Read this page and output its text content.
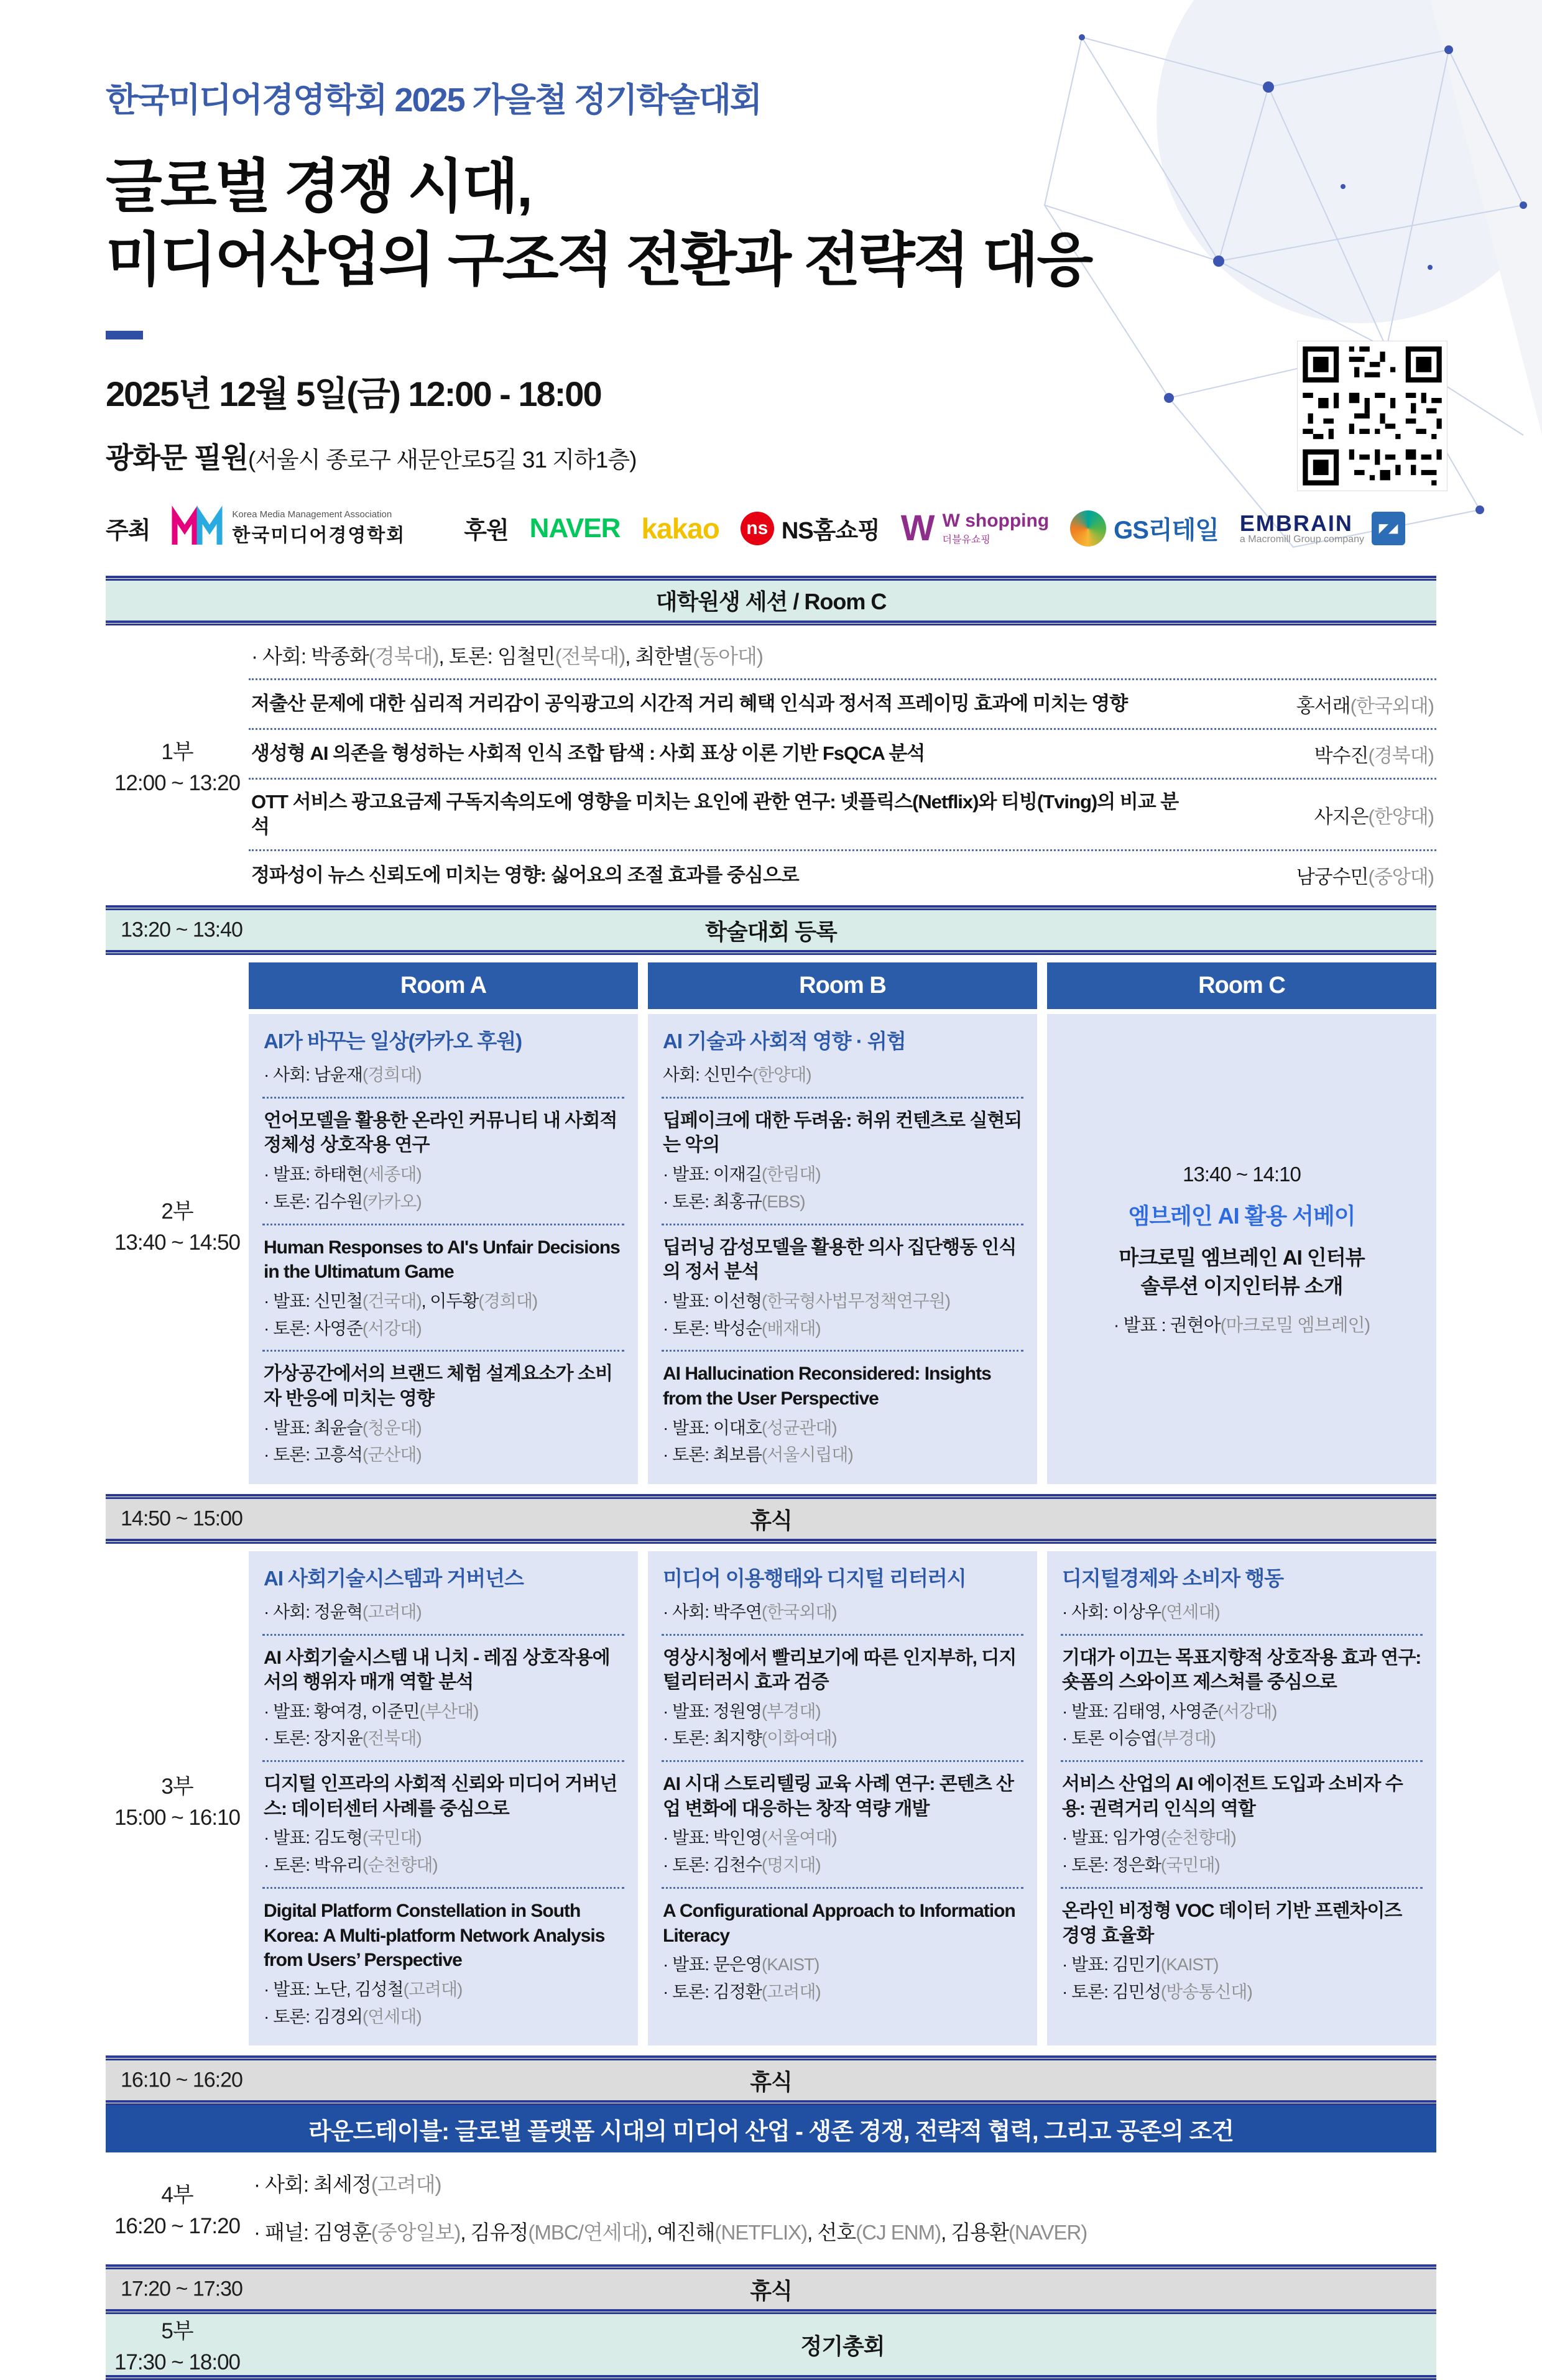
한국미디어경영학회 2025 가을철 정기학술대회
글로벌 경쟁 시대,
미디어산업의 구조적 전환과 전략적 대응
2025년 12월 5일(금) 12:00 - 18:00
광화문 필원(서울시 종로구 새문안로5길 31 지하1층)
주최
Korea Media Management Association
한국미디어경영학회 후원 NAVER kakao	ns NS홈쇼핑 W W shopping
더블유쇼핑	GS리테일 EMBRAIN
a Macromill Group company
◤◢
대학원생 세션 / Room C
1부
12:00 ~ 13:20
· 사회: 박종화(경북대), 토론: 임철민(전북대), 최한별(동아대)
저출산 문제에 대한 심리적 거리감이 공익광고의 시간적 거리 혜택 인식과 정서적 프레이밍 효과에 미치는 영향	홍서래(한국외대)
생성형 AI 의존을 형성하는 사회적 인식 조합 탐색 : 사회 표상 이론 기반 FsQCA 분석	박수진(경북대)
OTT 서비스 광고요금제 구독지속의도에 영향을 미치는 요인에 관한 연구: 넷플릭스(Netflix)와 티빙(Tving)의 비교 분석	사지은(한양대)
정파성이 뉴스 신뢰도에 미치는 영향: 싫어요의 조절 효과를 중심으로	남궁수민(중앙대)
13:20 ~ 13:40	학술대회 등록
2부
13:40 ~ 14:50
Room A
AI가 바꾸는 일상(카카오 후원)
· 사회: 남윤재(경희대)
언어모델을 활용한 온라인 커뮤니티 내 사회적 정체성 상호작용 연구
· 발표: 하태현(세종대)
· 토론: 김수원(카카오)
Human Responses to AI's Unfair Decisions in the Ultimatum Game
· 발표: 신민철(건국대), 이두황(경희대)
· 토론: 사영준(서강대)
가상공간에서의 브랜드 체험 설계요소가 소비자 반응에 미치는 영향
· 발표: 최윤슬(청운대)
· 토론: 고흥석(군산대)
Room B
AI 기술과 사회적 영향 · 위험
사회: 신민수(한양대)
딥페이크에 대한 두려움: 허위 컨텐츠로 실현되는 악의
· 발표: 이재길(한림대)
· 토론: 최홍규(EBS)
딥러닝 감성모델을 활용한 의사 집단행동 인식의 정서 분석
· 발표: 이선형(한국형사법무정책연구원)
· 토론: 박성순(배재대)
AI Hallucination Reconsidered: Insights from the User Perspective
· 발표: 이대호(성균관대)
· 토론: 최보름(서울시립대)
Room C
13:40 ~ 14:10
엠브레인 AI 활용 서베이
마크로밀 엠브레인 AI 인터뷰
솔루션 이지인터뷰 소개
· 발표 : 권현아(마크로밀 엠브레인)
14:50 ~ 15:00	휴식
3부
15:00 ~ 16:10
AI 사회기술시스템과 거버넌스
· 사회: 정윤혁(고려대)
AI 사회기술시스템 내 니치 - 레짐 상호작용에서의 행위자 매개 역할 분석
· 발표: 황여경, 이준민(부산대)
· 토론: 장지윤(전북대)
디지털 인프라의 사회적 신뢰와 미디어 거버넌스: 데이터센터 사례를 중심으로
· 발표: 김도형(국민대)
· 토론: 박유리(순천향대)
Digital Platform Constellation in South Korea: A Multi-platform Network Analysis from Users’ Perspective
· 발표: 노단, 김성철(고려대)
· 토론: 김경외(연세대)
미디어 이용행태와 디지털 리터러시
· 사회: 박주연(한국외대)
영상시청에서 빨리보기에 따른 인지부하, 디지털리터러시 효과 검증
· 발표: 정원영(부경대)
· 토론: 최지향(이화여대)
AI 시대 스토리텔링 교육 사례 연구: 콘텐츠 산업 변화에 대응하는 창작 역량 개발
· 발표: 박인영(서울여대)
· 토론: 김천수(명지대)
A Configurational Approach to Information Literacy
· 발표: 문은영(KAIST)
· 토론: 김정환(고려대)
디지털경제와 소비자 행동
· 사회: 이상우(연세대)
기대가 이끄는 목표지향적 상호작용 효과 연구: 숏폼의 스와이프 제스쳐를 중심으로
· 발표: 김태영, 사영준(서강대)
· 토론 이승엽(부경대)
서비스 산업의 AI 에이전트 도입과 소비자 수용: 권력거리 인식의 역할
· 발표: 임가영(순천향대)
· 토론: 정은화(국민대)
온라인 비정형 VOC 데이터 기반 프렌차이즈 경영 효율화
· 발표: 김민기(KAIST)
· 토론: 김민성(방송통신대)
16:10 ~ 16:20	휴식
라운드테이블: 글로벌 플랫폼 시대의 미디어 산업 - 생존 경쟁, 전략적 협력, 그리고 공존의 조건
4부
16:20 ~ 17:20
· 사회: 최세정(고려대)
· 패널: 김영훈(중앙일보), 김유정(MBC/연세대), 예진해(NETFLIX), 선호(CJ ENM), 김용환(NAVER)
17:20 ~ 17:30	휴식
5부
17:30 ~ 18:00
정기총회
